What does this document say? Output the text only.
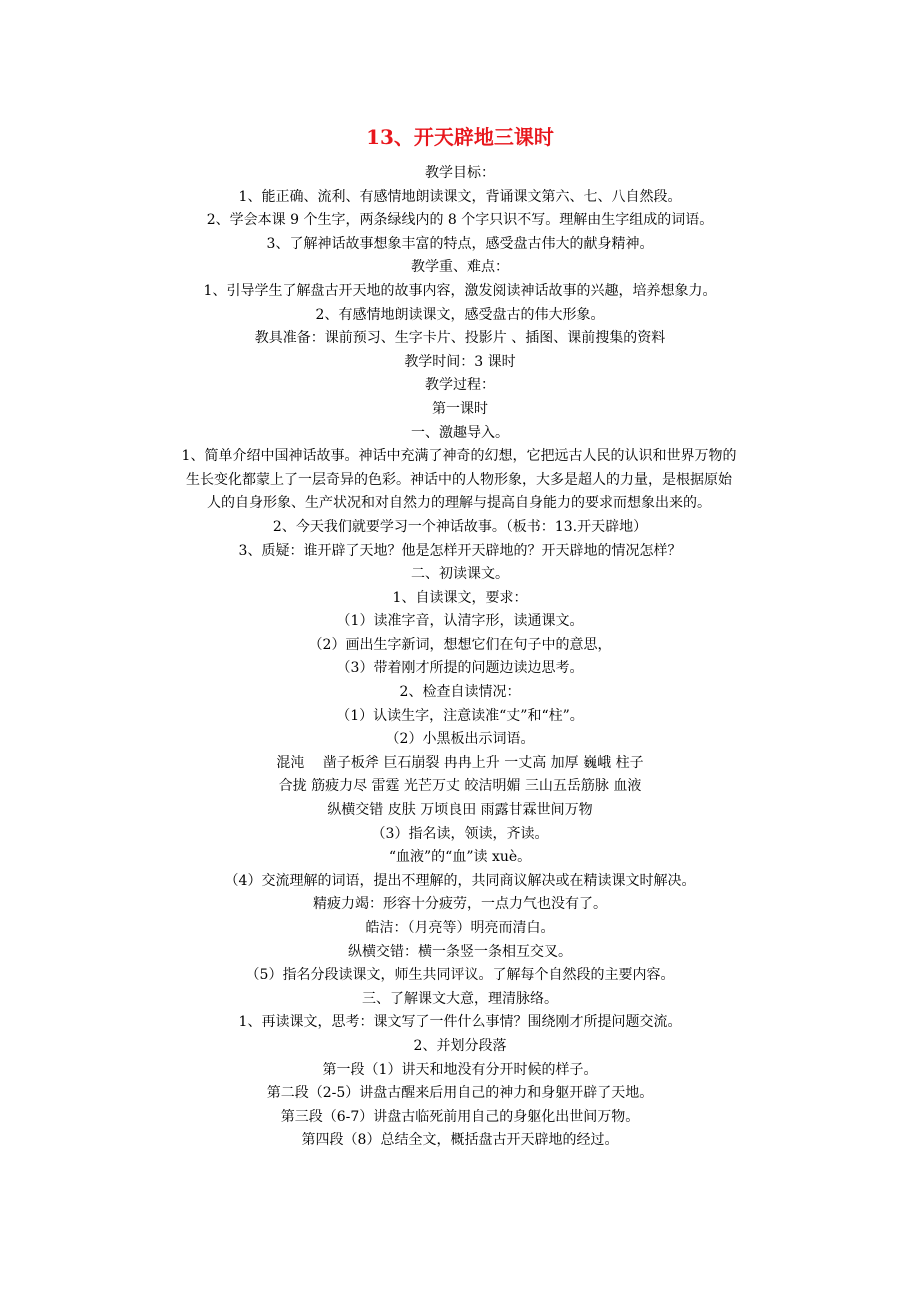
13、开天辟地三课时
教学目标：
1、能正确、流利、有感情地朗读课文，背诵课文第六、七、八自然段。
2、学会本课 9 个生字，两条绿线内的 8 个字只识不写。理解由生字组成的词语。
3、了解神话故事想象丰富的特点，感受盘古伟大的献身精神。
教学重、难点：
1、引导学生了解盘古开天地的故事内容，激发阅读神话故事的兴趣，培养想象力。
2、有感情地朗读课文，感受盘古的伟大形象。
教具准备：课前预习、生字卡片、投影片 、插图、课前搜集的资料
教学时间：3 课时
教学过程：
第一课时
一、激趣导入。
1、简单介绍中国神话故事。神话中充满了神奇的幻想，它把远古人民的认识和世界万物的
生长变化都蒙上了一层奇异的色彩。神话中的人物形象，大多是超人的力量，是根据原始
人的自身形象、生产状况和对自然力的理解与提高自身能力的要求而想象出来的。
2、今天我们就要学习一个神话故事。（板书：13.开天辟地）
3、质疑：谁开辟了天地？他是怎样开天辟地的？开天辟地的情况怎样？
二、初读课文。
1、自读课文，要求：
（1）读准字音，认清字形，读通课文。
（2）画出生字新词，想想它们在句子中的意思，
（3）带着刚才所提的问题边读边思考。
2、检查自读情况：
（1）认读生字，注意读准“丈”和“柱”。
（2）小黑板出示词语。
混沌　 凿子板斧 巨石崩裂 冉冉上升 一丈高 加厚 巍峨 柱子
合拢 筋疲力尽 雷霆 光芒万丈 皎洁明媚 三山五岳筋脉 血液
纵横交错 皮肤 万顷良田 雨露甘霖世间万物
（3）指名读，领读，齐读。
“血液”的“血”读 xuè。
（4）交流理解的词语，提出不理解的，共同商议解决或在精读课文时解决。
精疲力竭：形容十分疲劳，一点力气也没有了。
皓洁：（月亮等）明亮而清白。
纵横交错：横一条竖一条相互交叉。
（5）指名分段读课文，师生共同评议。了解每个自然段的主要内容。
三、了解课文大意，理清脉络。
1、再读课文，思考：课文写了一件什么事情？围绕刚才所提问题交流。
2、并划分段落
第一段（1）讲天和地没有分开时候的样子。
第二段（2-5）讲盘古醒来后用自己的神力和身躯开辟了天地。
第三段（6-7）讲盘古临死前用自己的身躯化出世间万物。
第四段（8）总结全文，概括盘古开天辟地的经过。
